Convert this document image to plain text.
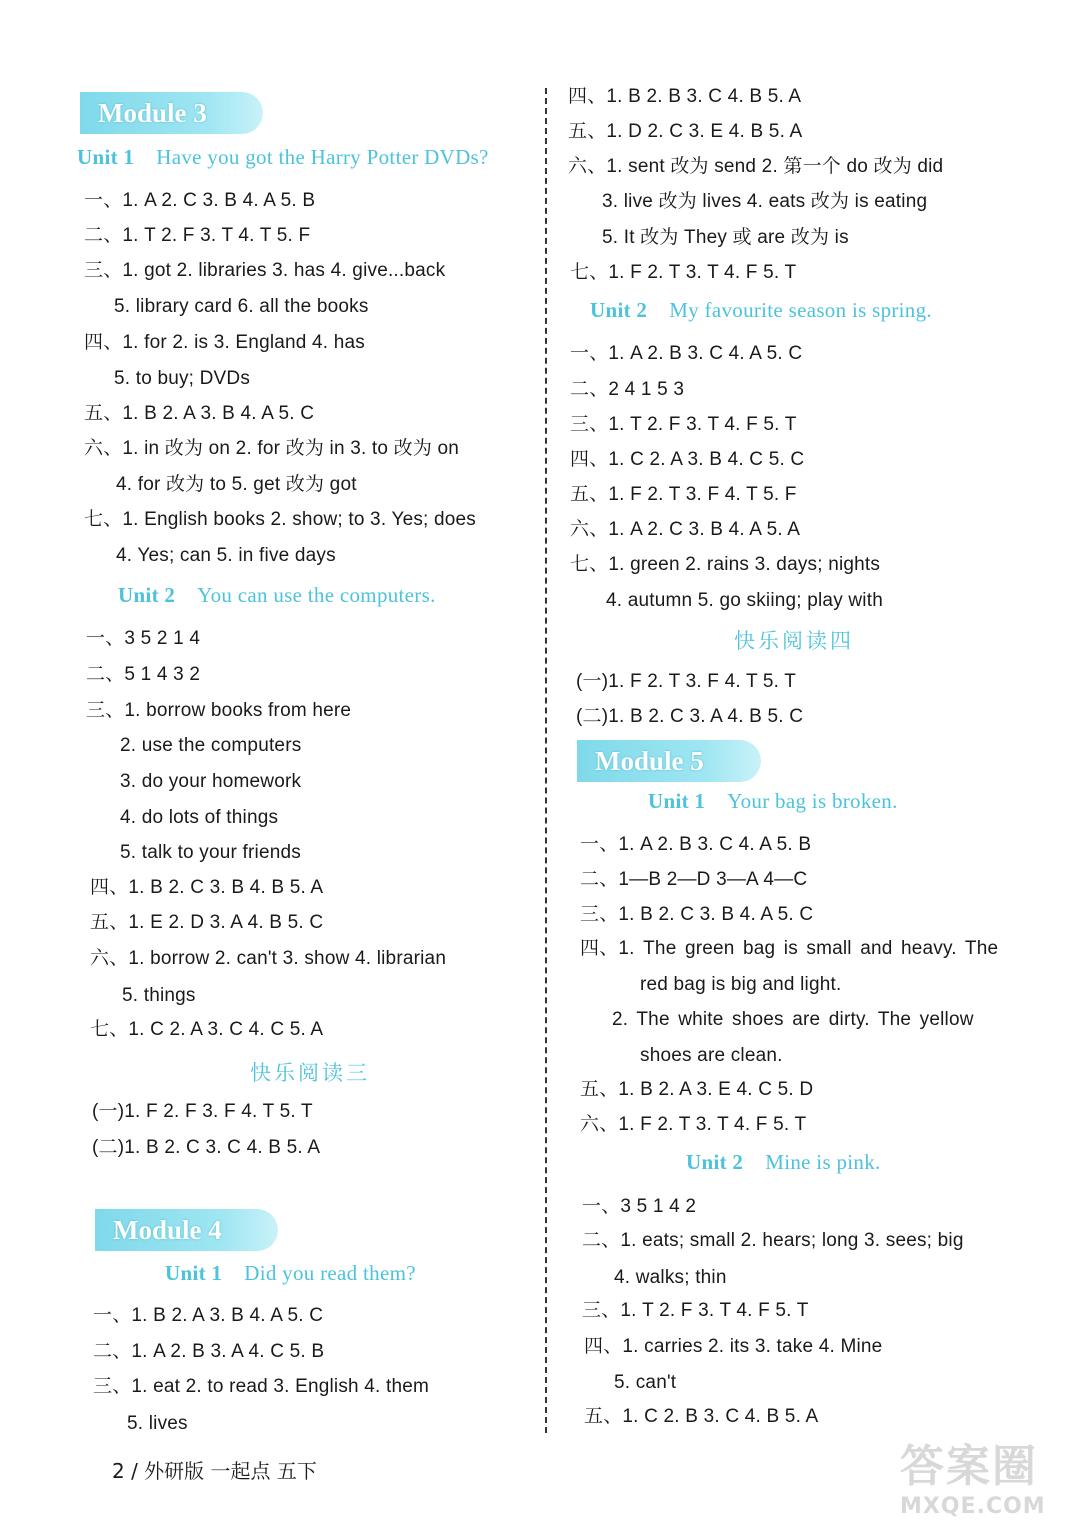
Module 3
Unit 1 Have you got the Harry Potter DVDs?
一、1. A 2. C 3. B 4. A 5. B
二、1. T 2. F 3. T 4. T 5. F
三、1. got 2. libraries 3. has 4. give...back
5. library card 6. all the books
四、1. for 2. is 3. England 4. has
5. to buy; DVDs
五、1. B 2. A 3. B 4. A 5. C
六、1. in 改为 on 2. for 改为 in 3. to 改为 on
4. for 改为 to 5. get 改为 got
七、1. English books 2. show; to 3. Yes; does
4. Yes; can 5. in five days
Unit 2 You can use the computers.
一、3 5 2 1 4
二、5 1 4 3 2
三、1. borrow books from here
2. use the computers
3. do your homework
4. do lots of things
5. talk to your friends
四、1. B 2. C 3. B 4. B 5. A
五、1. E 2. D 3. A 4. B 5. C
六、1. borrow 2. can't 3. show 4. librarian
5. things
七、1. C 2. A 3. C 4. C 5. A
快乐阅读三
(一)1. F 2. F 3. F 4. T 5. T
(二)1. B 2. C 3. C 4. B 5. A
Module 4
Unit 1 Did you read them?
一、1. B 2. A 3. B 4. A 5. C
二、1. A 2. B 3. A 4. C 5. B
三、1. eat 2. to read 3. English 4. them
5. lives
四、1. B 2. B 3. C 4. B 5. A
五、1. D 2. C 3. E 4. B 5. A
六、1. sent 改为 send 2. 第一个 do 改为 did
3. live 改为 lives 4. eats 改为 is eating
5. It 改为 They 或 are 改为 is
七、1. F 2. T 3. T 4. F 5. T
Unit 2 My favourite season is spring.
一、1. A 2. B 3. C 4. A 5. C
二、2 4 1 5 3
三、1. T 2. F 3. T 4. F 5. T
四、1. C 2. A 3. B 4. C 5. C
五、1. F 2. T 3. F 4. T 5. F
六、1. A 2. C 3. B 4. A 5. A
七、1. green 2. rains 3. days; nights
4. autumn 5. go skiing; play with
快乐阅读四
(一)1. F 2. T 3. F 4. T 5. T
(二)1. B 2. C 3. A 4. B 5. C
Module 5
Unit 1 Your bag is broken.
一、1. A 2. B 3. C 4. A 5. B
二、1—B 2—D 3—A 4—C
三、1. B 2. C 3. B 4. A 5. C
四、1. The green bag is small and heavy. The
red bag is big and light.
2. The white shoes are dirty. The yellow
shoes are clean.
五、1. B 2. A 3. E 4. C 5. D
六、1. F 2. T 3. T 4. F 5. T
Unit 2 Mine is pink.
一、3 5 1 4 2
二、1. eats; small 2. hears; long 3. sees; big
4. walks; thin
三、1. T 2. F 3. T 4. F 5. T
四、1. carries 2. its 3. take 4. Mine
5. can't
五、1. C 2. B 3. C 4. B 5. A
2 / 外研版 一起点 五下	答案圈
MXQE.COM
